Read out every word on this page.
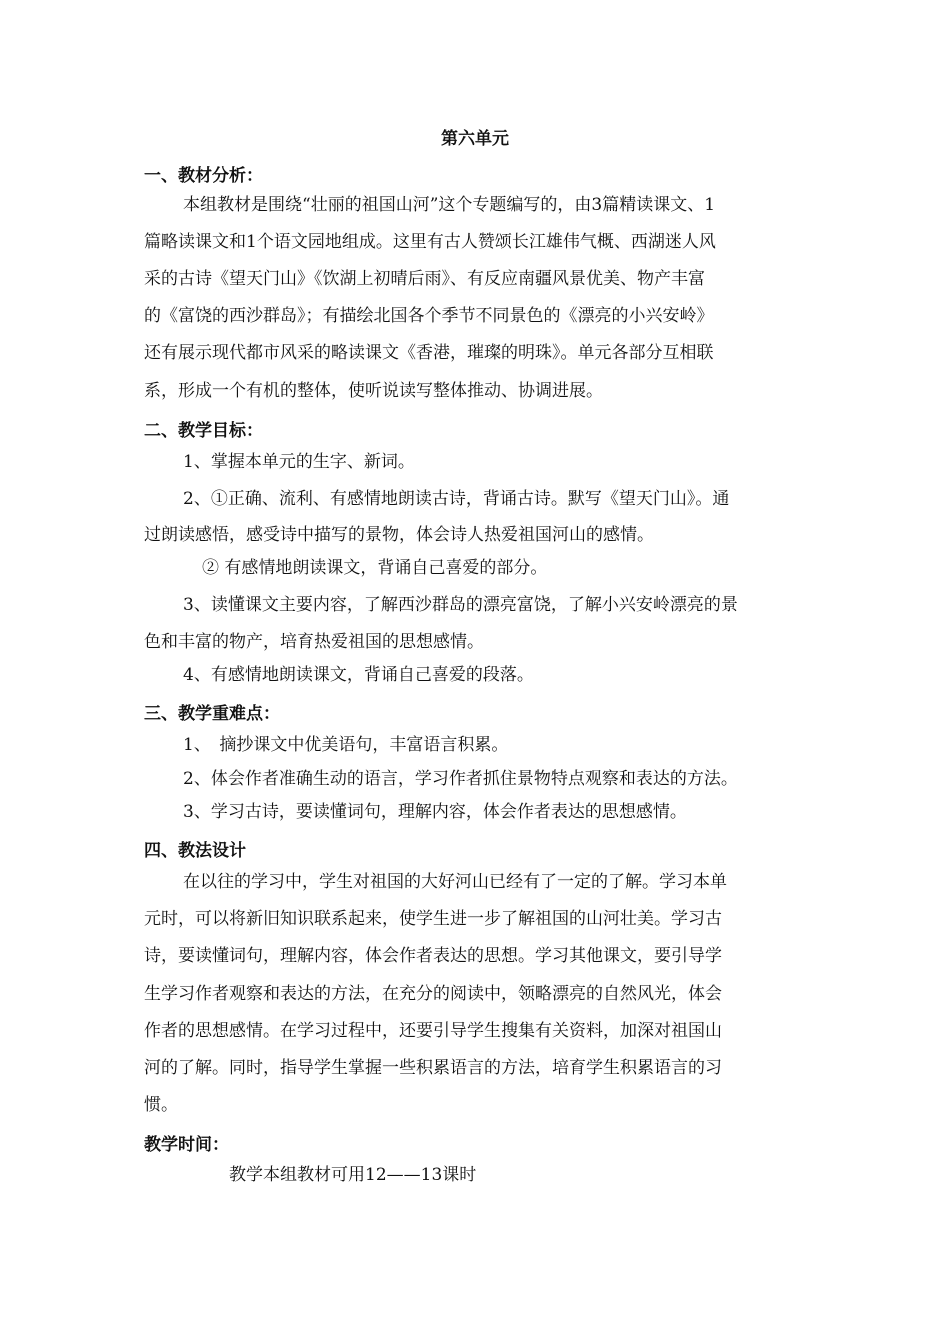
第六单元
一、教材分析：
本组教材是围绕“壮丽的祖国山河”这个专题编写的，由3篇精读课文、1
篇略读课文和1个语文园地组成。这里有古人赞颂长江雄伟气概、西湖迷人风
采的古诗《望天门山》《饮湖上初晴后雨》、有反应南疆风景优美、物产丰富
的《富饶的西沙群岛》；有描绘北国各个季节不同景色的《漂亮的小兴安岭》
还有展示现代都市风采的略读课文《香港，璀璨的明珠》。单元各部分互相联
系，形成一个有机的整体，使听说读写整体推动、协调进展。
二、教学目标：
1、掌握本单元的生字、新词。
2、①正确、流利、有感情地朗读古诗，背诵古诗。默写《望天门山》。通
过朗读感悟，感受诗中描写的景物，体会诗人热爱祖国河山的感情。
② 有感情地朗读课文，背诵自己喜爱的部分。
3、读懂课文主要内容，了解西沙群岛的漂亮富饶，了解小兴安岭漂亮的景
色和丰富的物产，培育热爱祖国的思想感情。
4、有感情地朗读课文，背诵自己喜爱的段落。
三、教学重难点：
1、　摘抄课文中优美语句，丰富语言积累。
2、体会作者准确生动的语言，学习作者抓住景物特点观察和表达的方法。
3、学习古诗，要读懂词句，理解内容，体会作者表达的思想感情。
四、教法设计
在以往的学习中，学生对祖国的大好河山已经有了一定的了解。学习本单
元时，可以将新旧知识联系起来，使学生进一步了解祖国的山河壮美。学习古
诗，要读懂词句，理解内容，体会作者表达的思想。学习其他课文，要引导学
生学习作者观察和表达的方法，在充分的阅读中，领略漂亮的自然风光，体会
作者的思想感情。在学习过程中，还要引导学生搜集有关资料，加深对祖国山
河的了解。同时，指导学生掌握一些积累语言的方法，培育学生积累语言的习
惯。
教学时间：
教学本组教材可用12——13课时
